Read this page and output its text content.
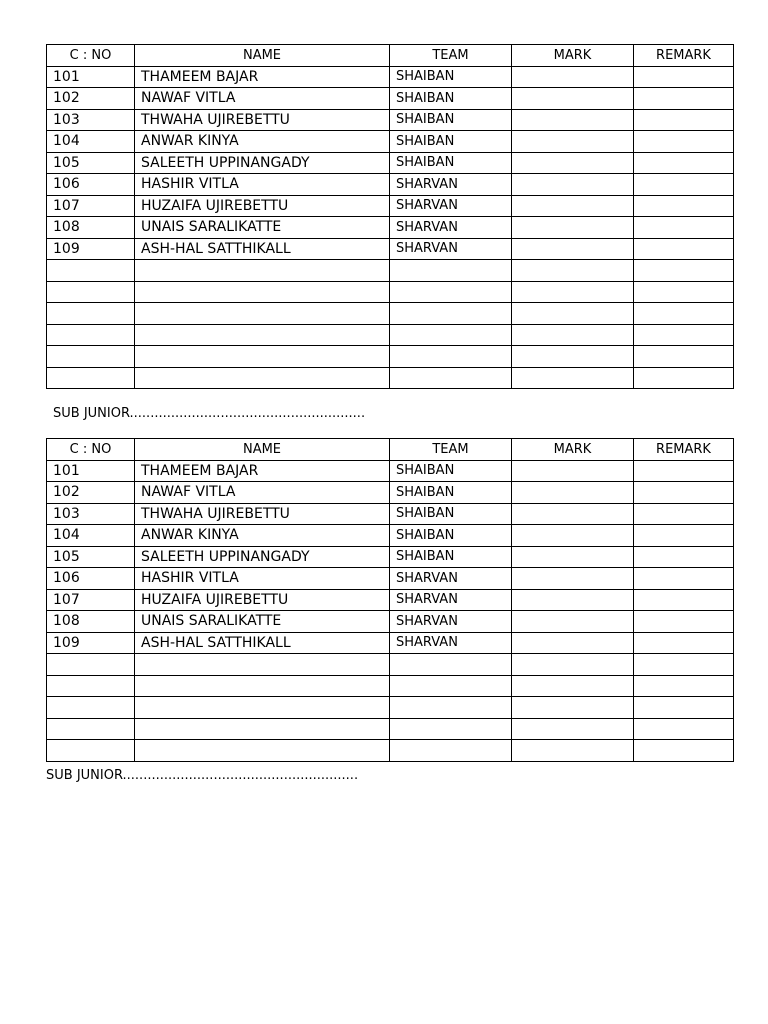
C : NO	NAME	TEAM	MARK	REMARK
101	THAMEEM BAJAR	SHAIBAN		
102	NAWAF VITLA	SHAIBAN		
103	THWAHA UJIREBETTU	SHAIBAN		
104	ANWAR KINYA	SHAIBAN		
105	SALEETH UPPINANGADY	SHAIBAN		
106	HASHIR VITLA	SHARVAN		
107	HUZAIFA UJIREBETTU	SHARVAN		
108	UNAIS SARALIKATTE	SHARVAN		
109	ASH-HAL SATTHIKALL	SHARVAN		

SUB JUNIOR.........................................................
C : NO	NAME	TEAM	MARK	REMARK
101	THAMEEM BAJAR	SHAIBAN		
102	NAWAF VITLA	SHAIBAN		
103	THWAHA UJIREBETTU	SHAIBAN		
104	ANWAR KINYA	SHAIBAN		
105	SALEETH UPPINANGADY	SHAIBAN		
106	HASHIR VITLA	SHARVAN		
107	HUZAIFA UJIREBETTU	SHARVAN		
108	UNAIS SARALIKATTE	SHARVAN		
109	ASH-HAL SATTHIKALL	SHARVAN		

SUB JUNIOR.........................................................
